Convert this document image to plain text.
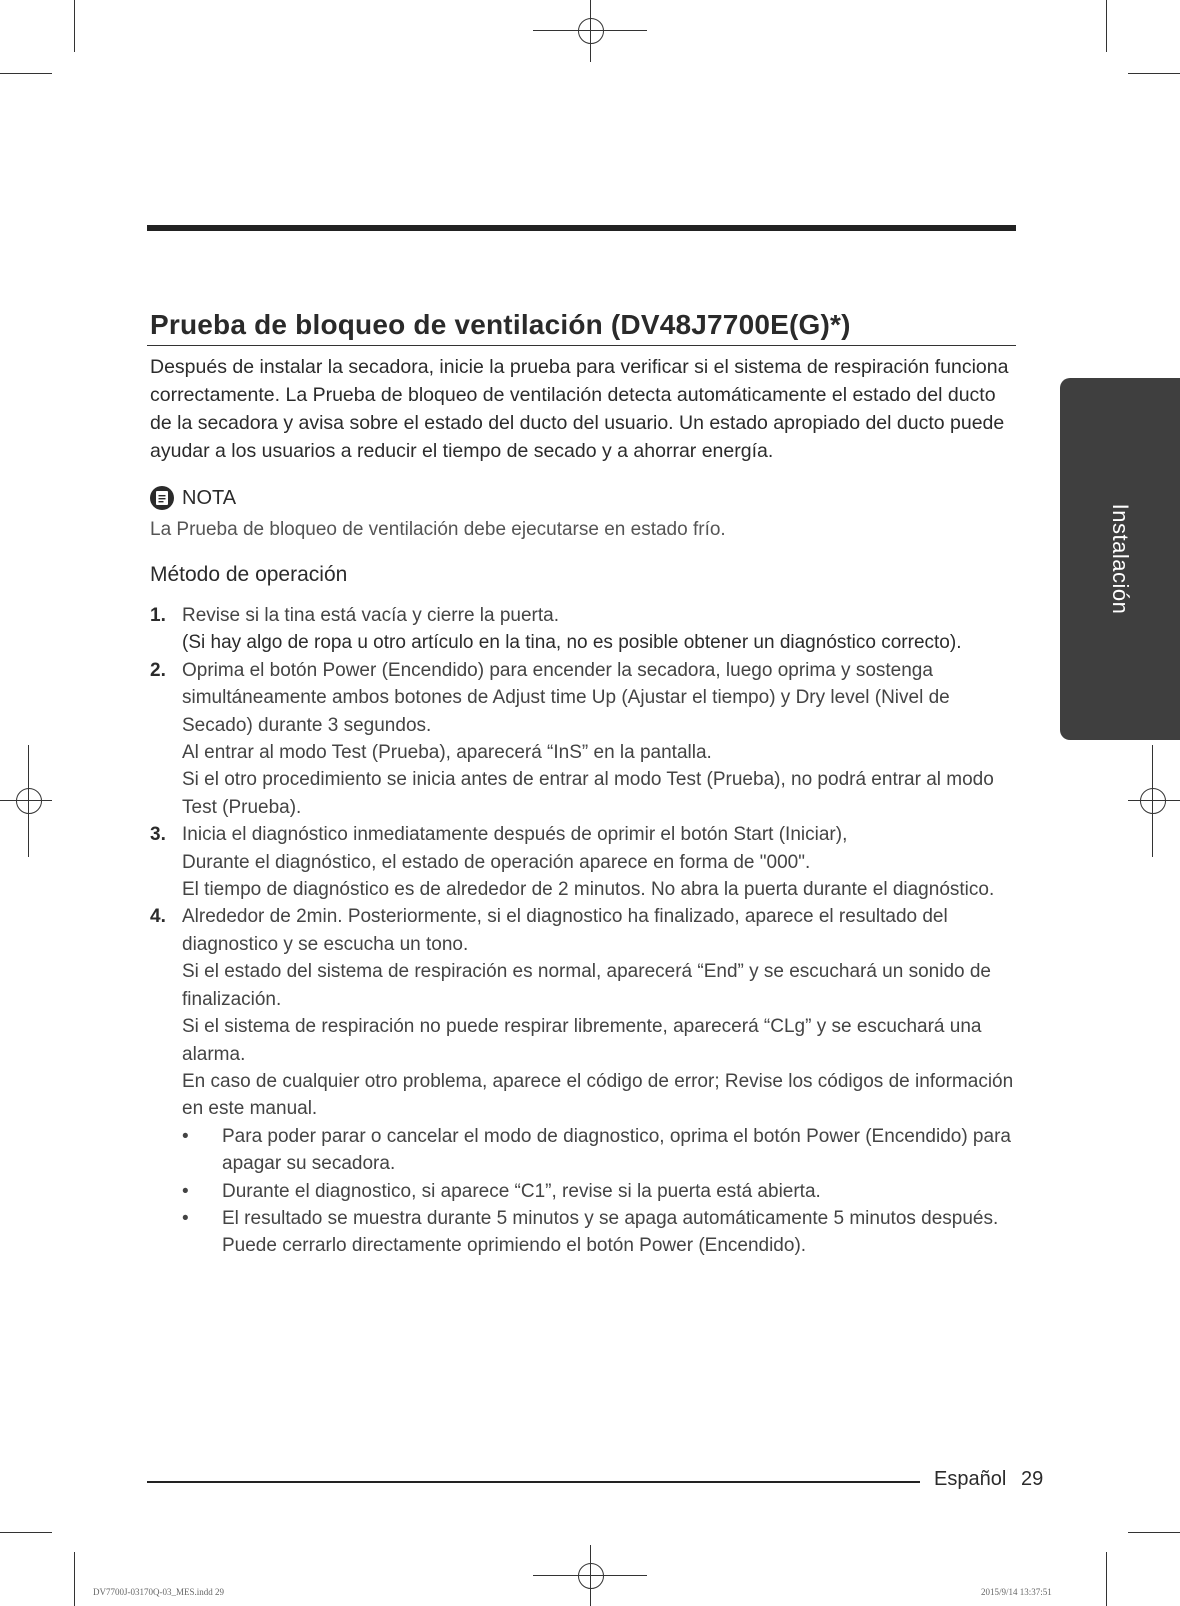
Prueba de bloqueo de ventilación (DV48J7700E(G)*)
Después de instalar la secadora, inicie la prueba para verificar si el sistema de respiración funciona correctamente. La Prueba de bloqueo de ventilación detecta automáticamente el estado del ducto de la secadora y avisa sobre el estado del ducto del usuario. Un estado apropiado del ducto puede ayudar a los usuarios a reducir el tiempo de secado y a ahorrar energía.
NOTA
La Prueba de bloqueo de ventilación debe ejecutarse en estado frío.
Método de operación
1. Revise si la tina está vacía y cierre la puerta.
(Si hay algo de ropa u otro artículo en la tina, no es posible obtener un diagnóstico correcto).
2. Oprima el botón Power (Encendido) para encender la secadora, luego oprima y sostenga simultáneamente ambos botones de Adjust time Up (Ajustar el tiempo) y Dry level (Nivel de Secado) durante 3 segundos.
Al entrar al modo Test (Prueba), aparecerá “InS” en la pantalla.
Si el otro procedimiento se inicia antes de entrar al modo Test (Prueba), no podrá entrar al modo Test (Prueba).
3. Inicia el diagnóstico inmediatamente después de oprimir el botón Start (Iniciar),
Durante el diagnóstico, el estado de operación aparece en forma de "000".
El tiempo de diagnóstico es de alrededor de 2 minutos. No abra la puerta durante el diagnóstico.
4. Alrededor de 2min. Posteriormente, si el diagnostico ha finalizado, aparece el resultado del diagnostico y se escucha un tono.
Si el estado del sistema de respiración es normal, aparecerá “End” y se escuchará un sonido de finalización.
Si el sistema de respiración no puede respirar libremente, aparecerá “CLg” y se escuchará una alarma.
En caso de cualquier otro problema, aparece el código de error; Revise los códigos de información en este manual.
• Para poder parar o cancelar el modo de diagnostico, oprima el botón Power (Encendido) para apagar su secadora.
• Durante el diagnostico, si aparece “C1”, revise si la puerta está abierta.
• El resultado se muestra durante 5 minutos y se apaga automáticamente 5 minutos después. Puede cerrarlo directamente oprimiendo el botón Power (Encendido).
Instalación
Español 29
DV7700J-03170Q-03_MES.indd 29	2015/9/14 13:37:51
